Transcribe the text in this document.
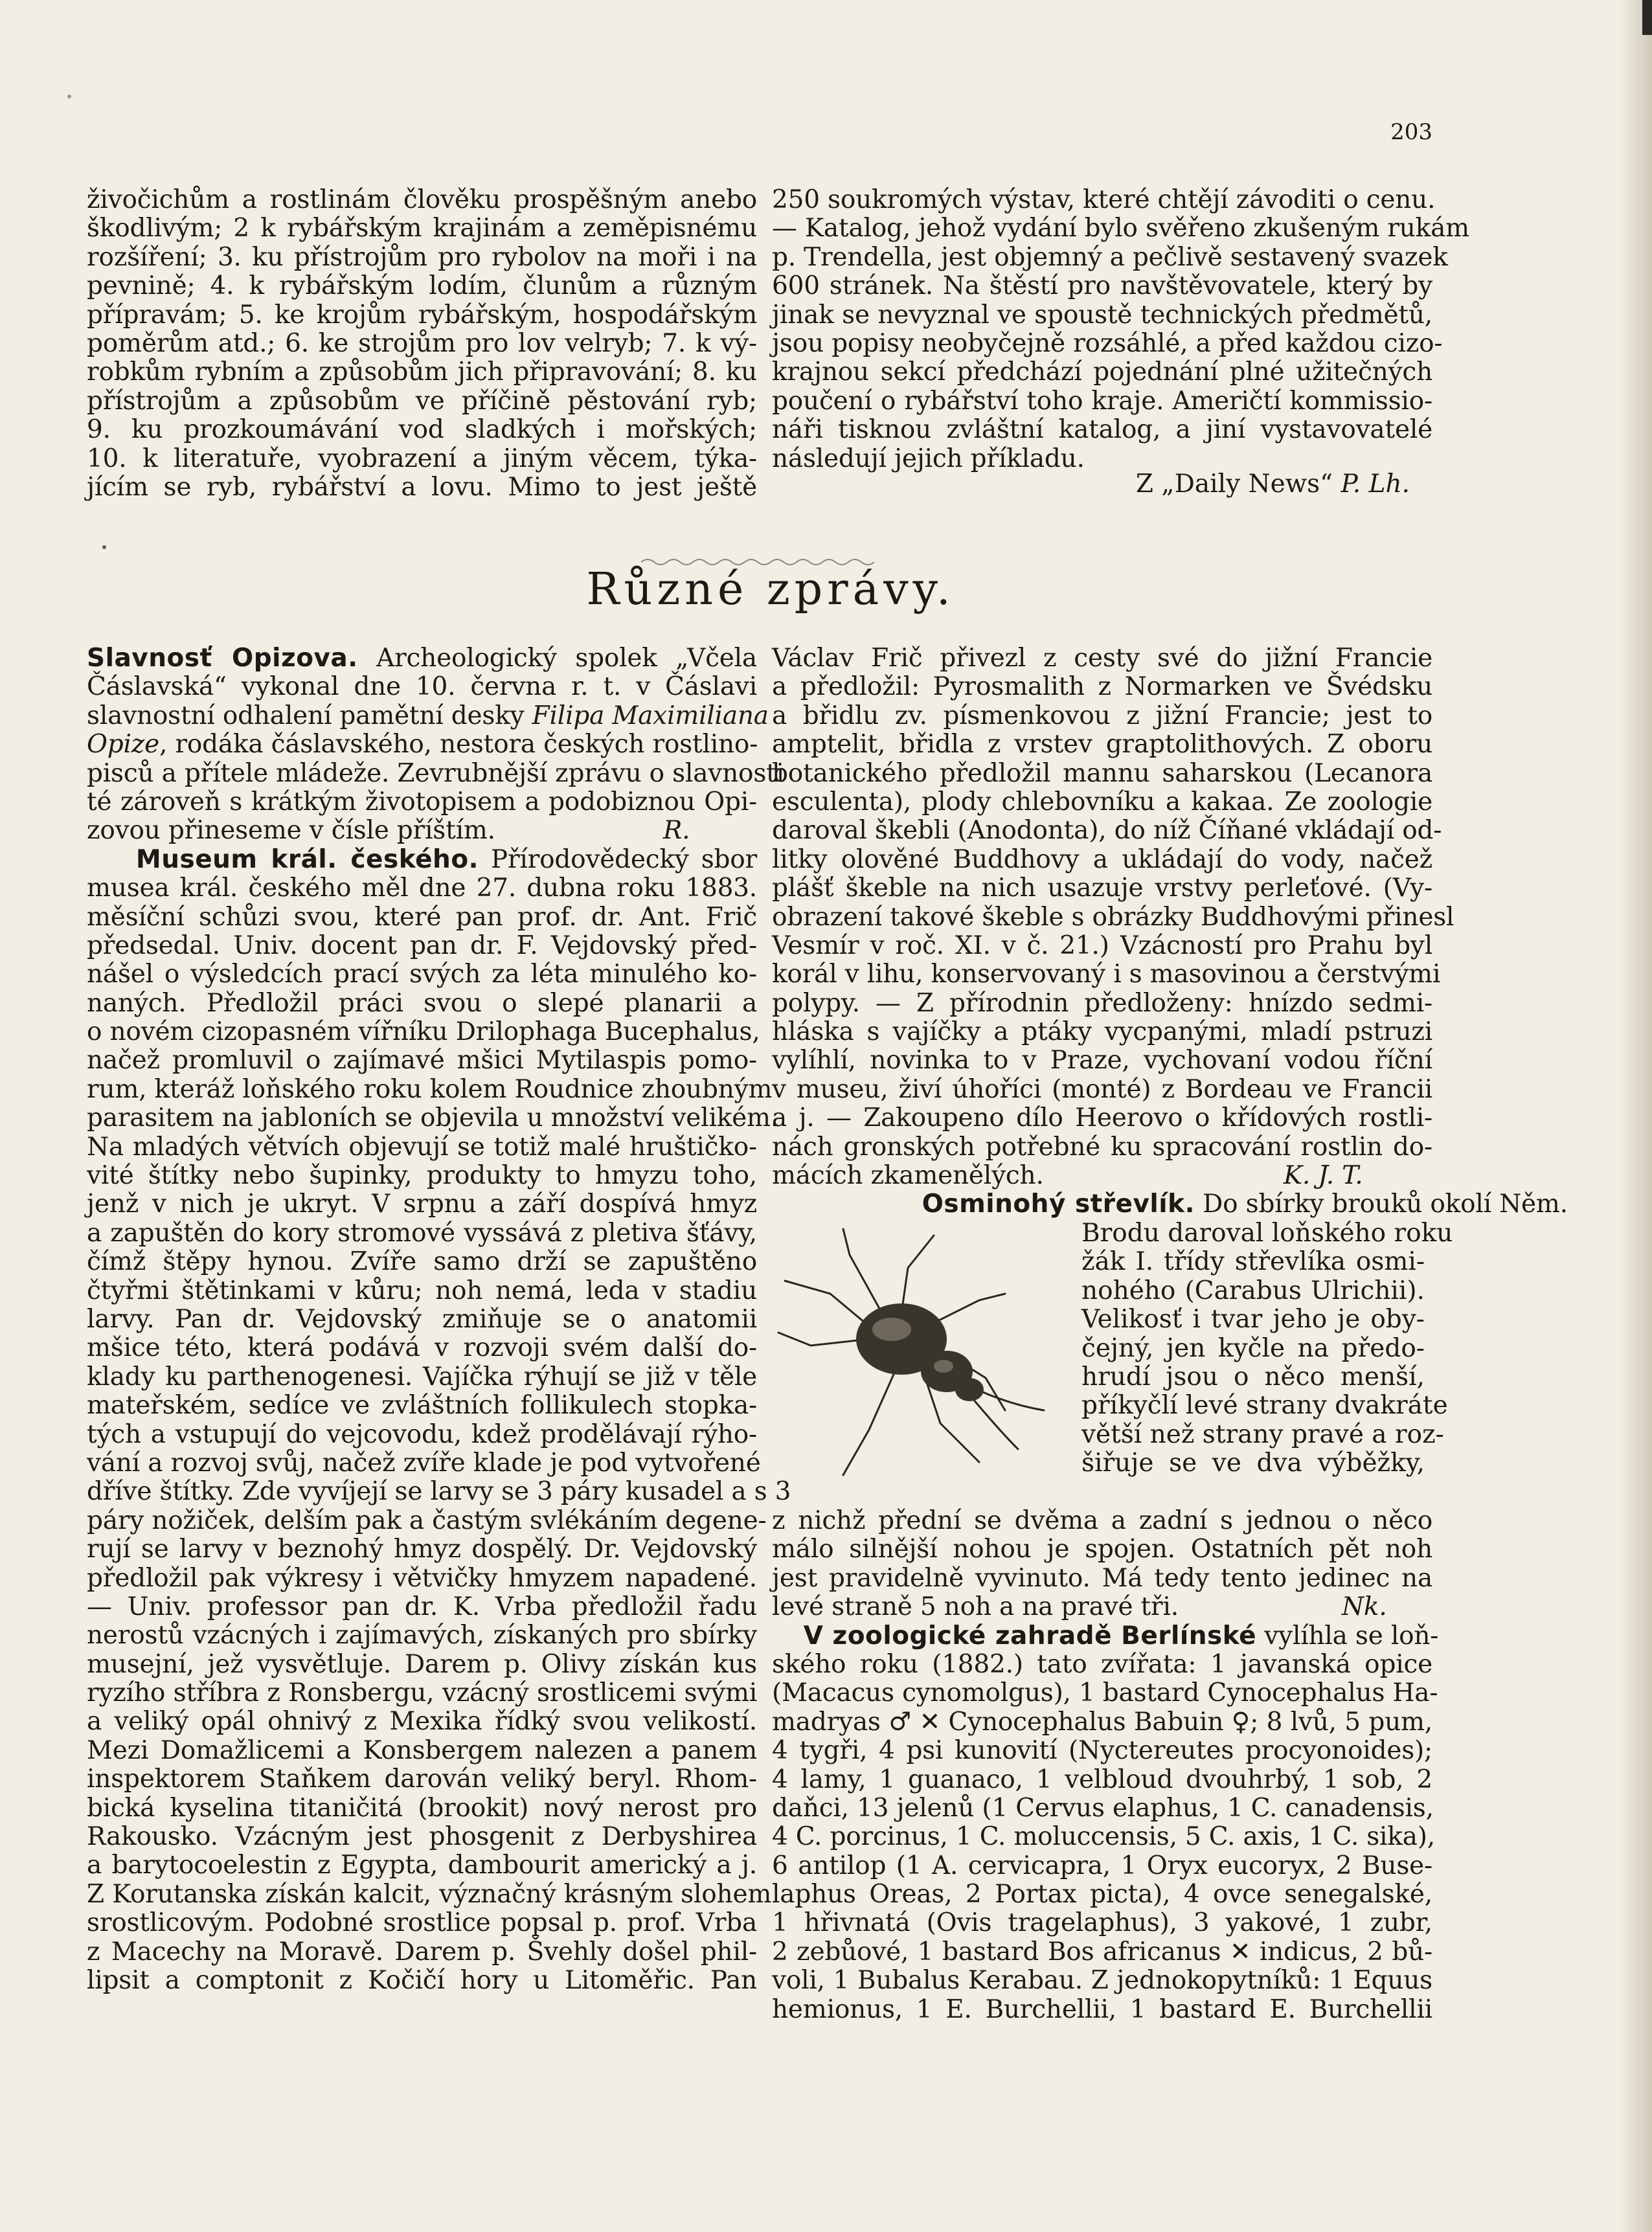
203
živočichům a rostlinám člověku prospěšným anebo
škodlivým; 2 k rybářským krajinám a zeměpisnému
rozšíření; 3. ku přístrojům pro rybolov na moři i na
pevnině; 4. k rybářským lodím, člunům a různým
přípravám; 5. ke krojům rybářským, hospodářským
poměrům atd.; 6. ke strojům pro lov velryb; 7. k vý-
robkům rybním a způsobům jich připravování; 8. ku
přístrojům a způsobům ve příčině pěstování ryb;
9. ku prozkoumávání vod sladkých i mořských;
10. k literatuře, vyobrazení a jiným věcem, týka-
jícím se ryb, rybářství a lovu. Mimo to jest ještě
250 soukromých výstav, které chtějí závoditi o cenu.
— Katalog, jehož vydání bylo svěřeno zkušeným rukám
p. Trendella, jest objemný a pečlivě sestavený svazek
600 stránek. Na štěstí pro navštěvovatele, který by
jinak se nevyznal ve spoustě technických předmětů,
jsou popisy neobyčejně rozsáhlé, a před každou cizo-
krajnou sekcí předchází pojednání plné užitečných
poučení o rybářství toho kraje. Američtí kommissio-
náři tisknou zvláštní katalog, a jiní vystavovatelé
následují jejich příkladu.
Z „Daily News“ P. Lh.
Různé zprávy.
Slavnosť Opizova. Archeologický spolek „Včela
Čáslavská“ vykonal dne 10. června r. t. v Čáslavi
slavnostní odhalení pamětní desky Filipa Maximiliana
Opize, rodáka čáslavského, nestora českých rostlino-
pisců a přítele mládeže. Zevrubnější zprávu o slavnosti
té zároveň s krátkým životopisem a podobiznou Opi-
zovou přineseme v čísle příštím.	R.
Museum král. českého. Přírodovědecký sbor
musea král. českého měl dne 27. dubna roku 1883.
měsíční schůzi svou, které pan prof. dr. Ant. Frič
předsedal. Univ. docent pan dr. F. Vejdovský před-
nášel o výsledcích prací svých za léta minulého ko-
naných. Předložil práci svou o slepé planarii a
o novém cizopasném vířníku Drilophaga Bucephalus,
načež promluvil o zajímavé mšici Mytilaspis pomo-
rum, kteráž loňského roku kolem Roudnice zhoubným
parasitem na jabloních se objevila u množství velikém.
Na mladých větvích objevují se totiž malé hruštičko-
vité štítky nebo šupinky, produkty to hmyzu toho,
jenž v nich je ukryt. V srpnu a září dospívá hmyz
a zapuštěn do kory stromové vyssává z pletiva šťávy,
čímž štěpy hynou. Zvíře samo drží se zapuštěno
čtyřmi štětinkami v kůru; noh nemá, leda v stadiu
larvy. Pan dr. Vejdovský zmiňuje se o anatomii
mšice této, která podává v rozvoji svém další do-
klady ku parthenogenesi. Vajíčka rýhují se již v těle
mateřském, sedíce ve zvláštních follikulech stopka-
tých a vstupují do vejcovodu, kdež prodělávají rýho-
vání a rozvoj svůj, načež zvíře klade je pod vytvořené
dříve štítky. Zde vyvíjejí se larvy se 3 páry kusadel a s 3
páry nožiček, delším pak a častým svlékáním degene-
rují se larvy v beznohý hmyz dospělý. Dr. Vejdovský
předložil pak výkresy i větvičky hmyzem napadené.
— Univ. professor pan dr. K. Vrba předložil řadu
nerostů vzácných i zajímavých, získaných pro sbírky
musejní, jež vysvětluje. Darem p. Olivy získán kus
ryzího stříbra z Ronsbergu, vzácný srostlicemi svými
a veliký opál ohnivý z Mexika řídký svou velikostí.
Mezi Domažlicemi a Konsbergem nalezen a panem
inspektorem Staňkem darován veliký beryl. Rhom-
bická kyselina titaničitá (brookit) nový nerost pro
Rakousko. Vzácným jest phosgenit z Derbyshirea
a barytocoelestin z Egypta, dambourit americký a j.
Z Korutanska získán kalcit, význačný krásným slohem
srostlicovým. Podobné srostlice popsal p. prof. Vrba
z Macechy na Moravě. Darem p. Švehly došel phil-
lipsit a comptonit z Kočičí hory u Litoměřic. Pan
Václav Frič přivezl z cesty své do jižní Francie
a předložil: Pyrosmalith z Normarken ve Švédsku
a břidlu zv. písmenkovou z jižní Francie; jest to
amptelit, břidla z vrstev graptolithových. Z oboru
botanického předložil mannu saharskou (Lecanora
esculenta), plody chlebovníku a kakaa. Ze zoologie
daroval škebli (Anodonta), do níž Číňané vkládají od-
litky olověné Buddhovy a ukládají do vody, načež
plášť škeble na nich usazuje vrstvy perleťové. (Vy-
obrazení takové škeble s obrázky Buddhovými přinesl
Vesmír v roč. XI. v č. 21.) Vzácností pro Prahu byl
korál v lihu, konservovaný i s masovinou a čerstvými
polypy. — Z přírodnin předloženy: hnízdo sedmi-
hláska s vajíčky a ptáky vycpanými, mladí pstruzi
vylíhlí, novinka to v Praze, vychovaní vodou říční
v museu, živí úhoříci (monté) z Bordeau ve Francii
a j. — Zakoupeno dílo Heerovo o křídových rostli-
nách gronských potřebné ku spracování rostlin do-
mácích zkamenělých.	K. J. T.
Osminohý střevlík. Do sbírky brouků okolí Něm.
Brodu daroval loňského roku
žák I. třídy střevlíka osmi-
nohého (Carabus Ulrichii).
Velikosť i tvar jeho je oby-
čejný, jen kyčle na předo-
hrudí jsou o něco menší,
příkyčlí levé strany dvakráte
větší než strany pravé a roz-
šiřuje se ve dva výběžky,
z nichž přední se dvěma a zadní s jednou o něco
málo silnější nohou je spojen. Ostatních pět noh
jest pravidelně vyvinuto. Má tedy tento jedinec na
levé straně 5 noh a na pravé tři.	Nk.
V zoologické zahradě Berlínské vylíhla se loň-
ského roku (1882.) tato zvířata: 1 javanská opice
(Macacus cynomolgus), 1 bastard Cynocephalus Ha-
madryas ♂ ✕ Cynocephalus Babuin ♀; 8 lvů, 5 pum,
4 tygři, 4 psi kunovití (Nyctereutes procyonoides);
4 lamy, 1 guanaco, 1 velbloud dvouhrbý, 1 sob, 2
daňci, 13 jelenů (1 Cervus elaphus, 1 C. canadensis,
4 C. porcinus, 1 C. moluccensis, 5 C. axis, 1 C. sika),
6 antilop (1 A. cervicapra, 1 Oryx eucoryx, 2 Buse-
laphus Oreas, 2 Portax picta), 4 ovce senegalské,
1 hřivnatá (Ovis tragelaphus), 3 yakové, 1 zubr,
2 zebůové, 1 bastard Bos africanus ✕ indicus, 2 bů-
voli, 1 Bubalus Kerabau. Z jednokopytníků: 1 Equus
hemionus, 1 E. Burchellii, 1 bastard E. Burchellii
